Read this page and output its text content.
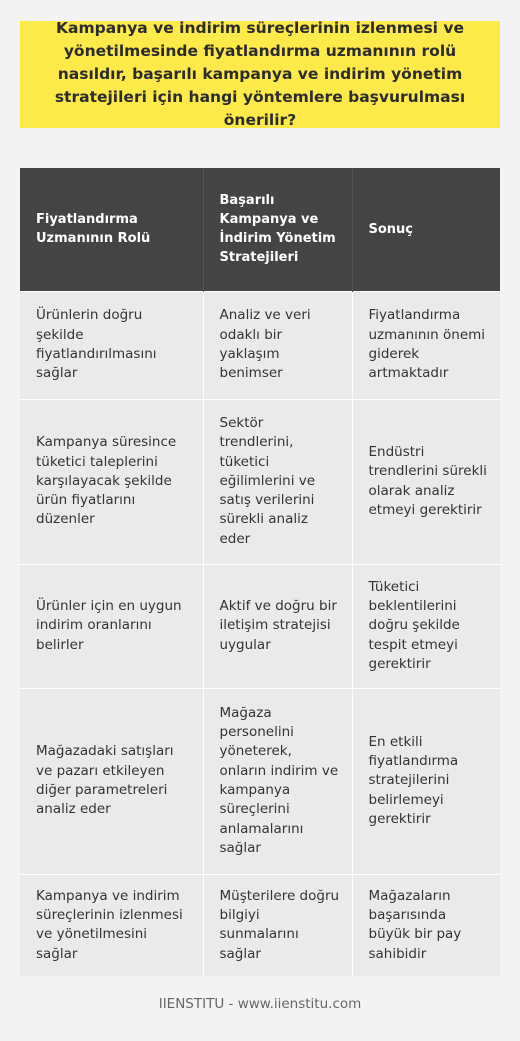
Kampanya ve indirim süreçlerinin izlenmesi ve yönetilmesinde fiyatlandırma uzmanının rolü nasıldır, başarılı kampanya ve indirim yönetim stratejileri için hangi yöntemlere başvurulması önerilir?
Fiyatlandırma Uzmanının Rolü	Başarılı Kampanya ve İndirim Yönetim Stratejileri	Sonuç
Ürünlerin doğru şekilde fiyatlandırılmasını sağlar	Analiz ve veri odaklı bir yaklaşım benimser	Fiyatlandırma uzmanının önemi giderek artmaktadır
Kampanya süresince tüketici taleplerini karşılayacak şekilde ürün fiyatlarını düzenler	Sektör trendlerini, tüketici eğilimlerini ve satış verilerini sürekli analiz eder	Endüstri trendlerini sürekli olarak analiz etmeyi gerektirir
Ürünler için en uygun indirim oranlarını belirler	Aktif ve doğru bir iletişim stratejisi uygular	Tüketici beklentilerini doğru şekilde tespit etmeyi gerektirir
Mağazadaki satışları ve pazarı etkileyen diğer parametreleri analiz eder	Mağaza personelini yöneterek, onların indirim ve kampanya süreçlerini anlamalarını sağlar	En etkili fiyatlandırma stratejilerini belirlemeyi gerektirir
Kampanya ve indirim süreçlerinin izlenmesi ve yönetilmesini sağlar	Müşterilere doğru bilgiyi sunmalarını sağlar	Mağazaların başarısında büyük bir pay sahibidir
IIENSTITU - www.iienstitu.com
